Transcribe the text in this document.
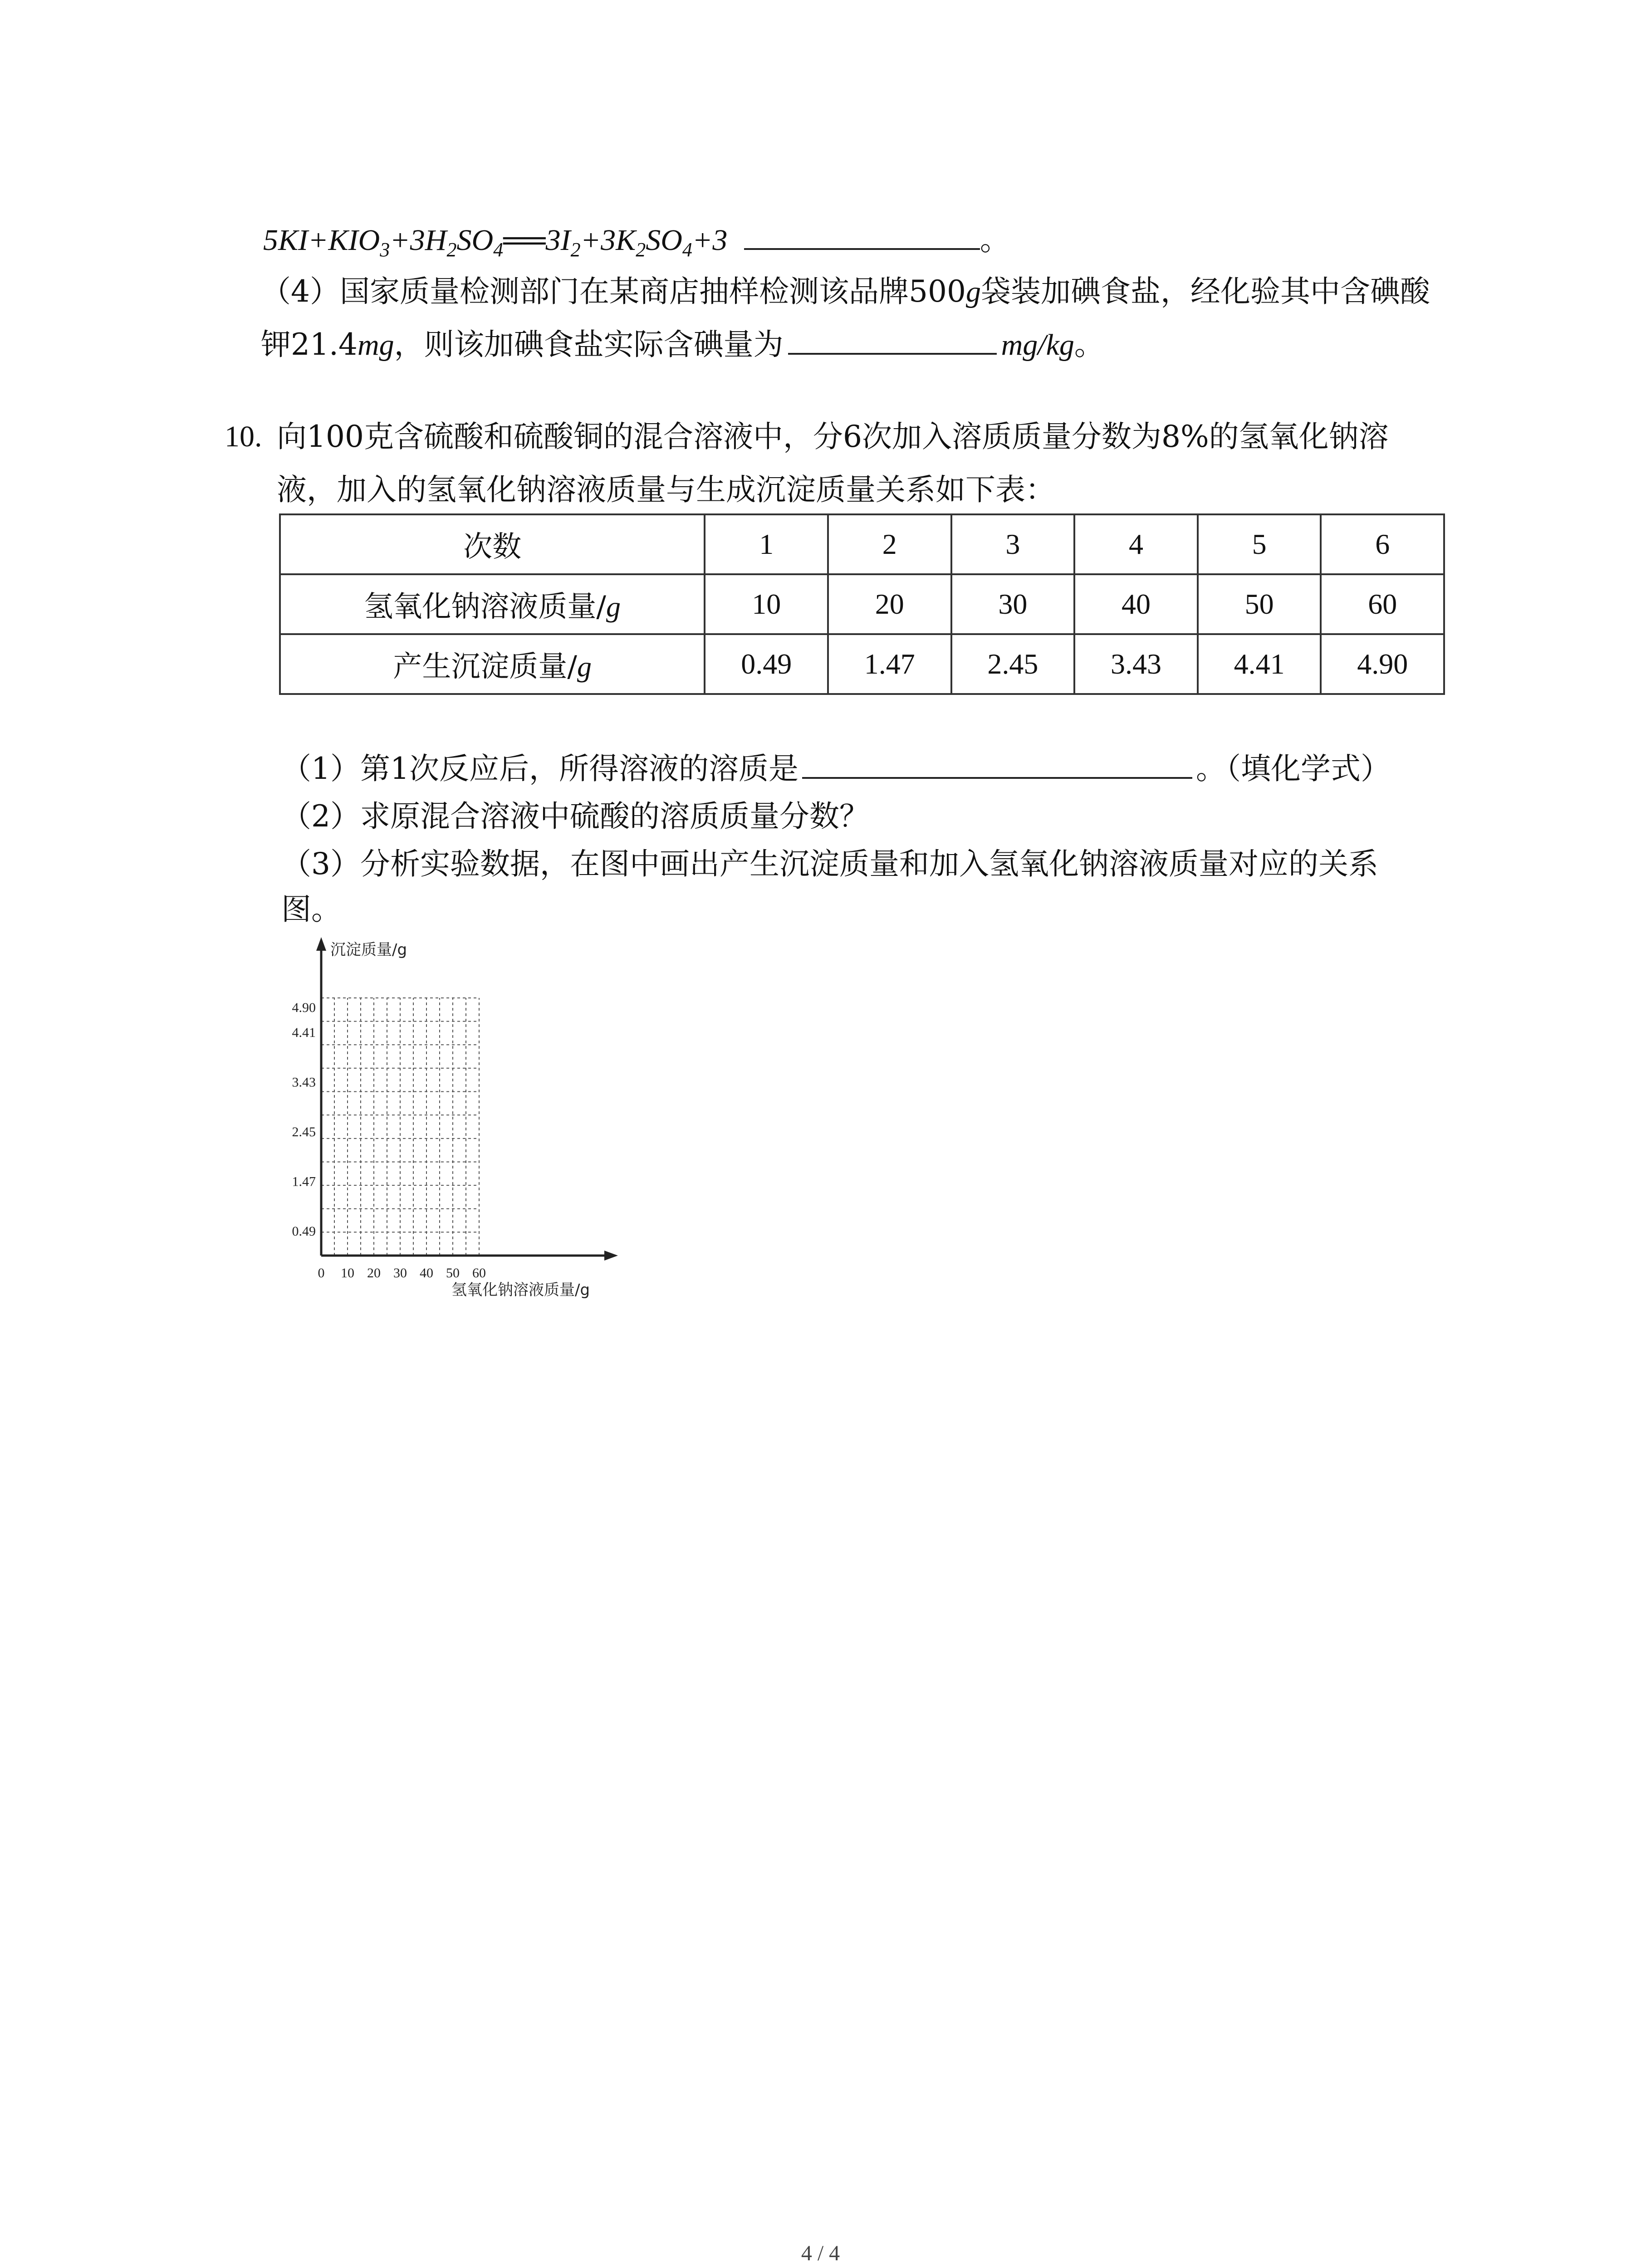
$5KI+KIO_3+3H_2SO_4══3I_2+3K_2SO_4+3$	。
（4）国家质量检测部门在某商店抽样检测该品牌500g袋装加碘食盐，经化验其中含碘酸
钾21.4mg，则该加碘食盐实际含碘量为	mg/kg。
10. 向100克含硫酸和硫酸铜的混合溶液中，分6次加入溶质质量分数为8%的氢氧化钠溶
液，加入的氢氧化钠溶液质量与生成沉淀质量关系如下表：
次数	1	2	3	4	5	6
氢氧化钠溶液质量/g	10	20	30	40	50	60
产生沉淀质量/g	0.49	1.47	2.45	3.43	4.41	4.90
（1）第1次反应后，所得溶液的溶质是	。（填化学式）
（2）求原混合溶液中硫酸的溶质质量分数？
（3）分析实验数据，在图中画出产生沉淀质量和加入氢氧化钠溶液质量对应的关系
图。
沉淀质量/g
氢氧化钠溶液质量/g
4.90
4.41
3.43
2.45
1.47
0.49
0 10 20 30 40 50 60
4 / 4
